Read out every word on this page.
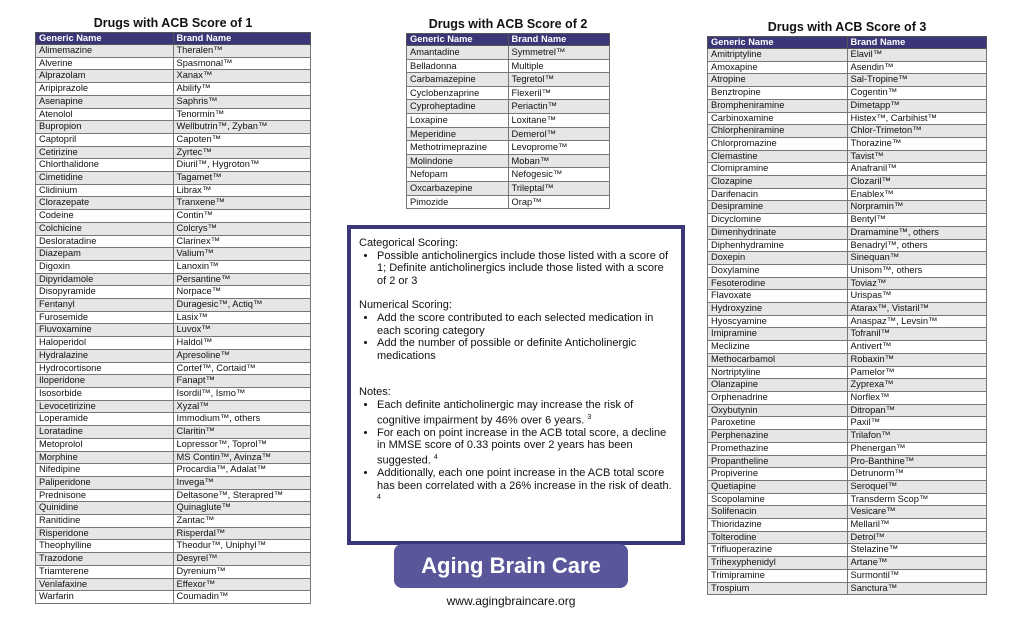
Drugs with ACB Score of 1
Generic Name	Brand Name
Alimemazine	Theralen™
Alverine	Spasmonal™
Alprazolam	Xanax™
Aripiprazole	Abilify™
Asenapine	Saphris™
Atenolol	Tenormin™
Bupropion	Wellbutrin™, Zyban™
Captopril	Capoten™
Cetirizine	Zyrtec™
Chlorthalidone	Diuril™, Hygroton™
Cimetidine	Tagamet™
Clidinium	Librax™
Clorazepate	Tranxene™
Codeine	Contin™
Colchicine	Colcrys™
Desloratadine	Clarinex™
Diazepam	Valium™
Digoxin	Lanoxin™
Dipyridamole	Persantine™
Disopyramide	Norpace™
Fentanyl	Duragesic™, Actiq™
Furosemide	Lasix™
Fluvoxamine	Luvox™
Haloperidol	Haldol™
Hydralazine	Apresoline™
Hydrocortisone	Cortef™, Cortaid™
Iloperidone	Fanapt™
Isosorbide	Isordil™, Ismo™
Levocetirizine	Xyzal™
Loperamide	Immodium™, others
Loratadine	Claritin™
Metoprolol	Lopressor™, Toprol™
Morphine	MS Contin™, Avinza™
Nifedipine	Procardia™, Adalat™
Paliperidone	Invega™
Prednisone	Deltasone™, Sterapred™
Quinidine	Quinaglute™
Ranitidine	Zantac™
Risperidone	Risperdal™
Theophylline	Theodur™, Uniphyl™
Trazodone	Desyrel™
Triamterene	Dyrenium™
Venlafaxine	Effexor™
Warfarin	Coumadin™
Drugs with ACB Score of 2
Generic Name	Brand Name
Amantadine	Symmetrel™
Belladonna	Multiple
Carbamazepine	Tegretol™
Cyclobenzaprine	Flexeril™
Cyproheptadine	Periactin™
Loxapine	Loxitane™
Meperidine	Demerol™
Methotrimeprazine	Levoprome™
Molindone	Moban™
Nefopam	Nefogesic™
Oxcarbazepine	Trileptal™
Pimozide	Orap™
Drugs with ACB Score of 3
Generic Name	Brand Name
Amitriptyline	Elavil™
Amoxapine	Asendin™
Atropine	Sal-Tropine™
Benztropine	Cogentin™
Brompheniramine	Dimetapp™
Carbinoxamine	Histex™, Carbihist™
Chlorpheniramine	Chlor-Trimeton™
Chlorpromazine	Thorazine™
Clemastine	Tavist™
Clomipramine	Anafranil™
Clozapine	Clozaril™
Darifenacin	Enablex™
Desipramine	Norpramin™
Dicyclomine	Bentyl™
Dimenhydrinate	Dramamine™, others
Diphenhydramine	Benadryl™, others
Doxepin	Sinequan™
Doxylamine	Unisom™, others
Fesoterodine	Toviaz™
Flavoxate	Urispas™
Hydroxyzine	Atarax™, Vistaril™
Hyoscyamine	Anaspaz™, Levsin™
Imipramine	Tofranil™
Meclizine	Antivert™
Methocarbamol	Robaxin™
Nortriptyline	Pamelor™
Olanzapine	Zyprexa™
Orphenadrine	Norflex™
Oxybutynin	Ditropan™
Paroxetine	Paxil™
Perphenazine	Trilafon™
Promethazine	Phenergan™
Propantheline	Pro-Banthine™
Propiverine	Detrunorm™
Quetiapine	Seroquel™
Scopolamine	Transderm Scop™
Solifenacin	Vesicare™
Thioridazine	Mellaril™
Tolterodine	Detrol™
Trifluoperazine	Stelazine™
Trihexyphenidyl	Artane™
Trimipramine	Surmontil™
Trospium	Sanctura™

Categorical Scoring:

• Possible anticholinergics include those listed with a score of 1; Definite anticholinergics include those listed with a score of 2 or 3

Numerical Scoring:

• Add the score contributed to each selected medication in each scoring category
• Add the number of possible or definite Anticholinergic medications

Notes:

• Each definite anticholinergic may increase the risk of cognitive impairment by 46% over 6 years. $^3$
• For each on point increase in the ACB total score, a decline in MMSE score of 0.33 points over 2 years has been suggested. $^4$
• Additionally, each one point increase in the ACB total score has been correlated with a 26% increase in the risk of death. $^4$
Aging Brain Care
www.agingbraincare.org
